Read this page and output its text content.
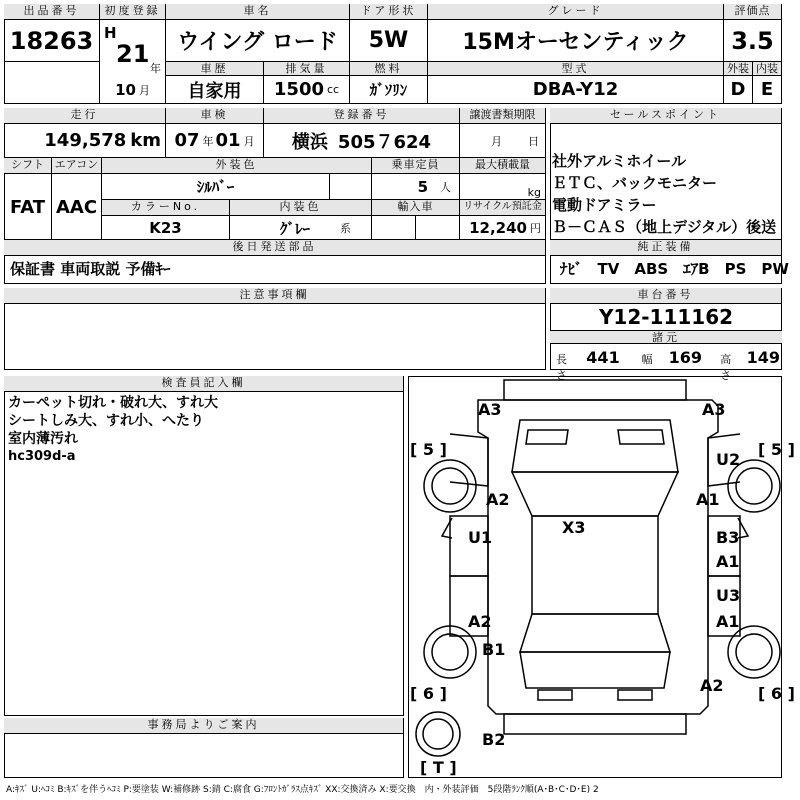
出品番号
18263
初度登録
H
21
年
10 月
車名
ウイング ロード
ドア形状
5W
グレード
15Mオーセンティック
評価点
3.5
車歴
自家用
排気量
1500 cc
燃料
ｶﾞｿﾘﾝ
型式
DBA-Y12
外装 内装
D E
走行
149,578 km
車検
07 年 01 月
登録番号
横浜 505７624
譲渡書類期限
月 日
シフト エアコン
FAT AAC
外装色
ｼﾙﾊﾞｰ
乗車定員
5 人
最大積載量
kg
カラーNo.
K23
内装色
ｸﾞﾚｰ	系
輸入車	リサイクル預託金
12,240 円
後日発送部品
保証書 車両取説 予備ｷｰ
注意事項欄
セールスポイント
社外アルミホイール
ＥＴＣ、バックモニター
電動ドアミラー
Ｂ－ＣＡＳ（地上デジタル）後送
純正装備
ﾅﾋﾞ　TV　ABS　ｴｱB　PS　PW
車台番号
Y12-111162
諸元
長さ
441	幅 169	高さ
149
検査員記入欄
カーペット切れ・破れ大、すれ大
シートしみ大、すれ小、へたり
室内薄汚れ
hc309d-a
事務局よりご案内
A3	A3
[ 5 ]	[ 5 ]
U2
A2	A1
X3
U1	B3
A1
U3
A2	A1
B1
A2
[ 6 ]	[ 6 ]
B2
[ T ]
A:ｷｽﾞ U:ﾍｺﾐ B:ｷｽﾞを伴うﾍｺﾐ P:要塗装 W:補修跡 S:錆 C:腐食 G:ﾌﾛﾝﾄｶﾞﾗｽ点ｷｽﾞ XX:交換済み X:要交換　内・外装評価　5段階ﾗﾝｸ順(A･B･C･D･E) 2
